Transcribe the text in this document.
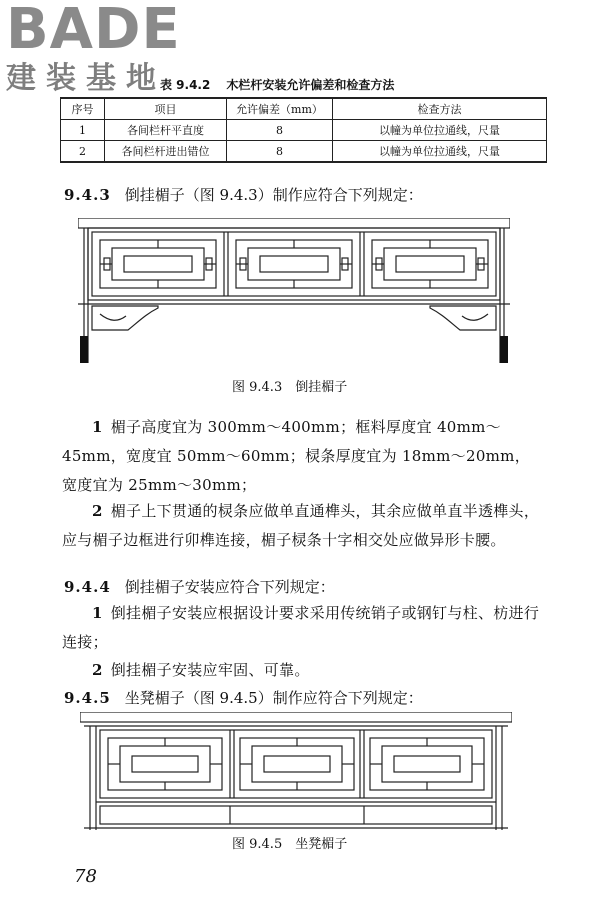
BADE
建装基地
表 9.4.2 木栏杆安装允许偏差和检查方法
序号	项目	允许偏差（mm）	检查方法
1	各间栏杆平直度	8	以幢为单位拉通线，尺量
2	各间栏杆进出错位	8	以幢为单位拉通线，尺量
9.4.3 倒挂楣子（图 9.4.3）制作应符合下列规定：
图 9.4.3　倒挂楣子
1 楣子高度宜为 300mm～400mm；框料厚度宜 40mm～45mm，宽度宜 50mm～60mm；棂条厚度宜为 18mm～20mm，宽度宜为 25mm～30mm；
2 楣子上下贯通的棂条应做单直通榫头，其余应做单直半透榫头，应与楣子边框进行卯榫连接，楣子棂条十字相交处应做异形卡腰。
9.4.4 倒挂楣子安装应符合下列规定：
1 倒挂楣子安装应根据设计要求采用传统销子或钢钉与柱、枋进行连接；
2 倒挂楣子安装应牢固、可靠。
9.4.5 坐凳楣子（图 9.4.5）制作应符合下列规定：
图 9.4.5　坐凳楣子
78
